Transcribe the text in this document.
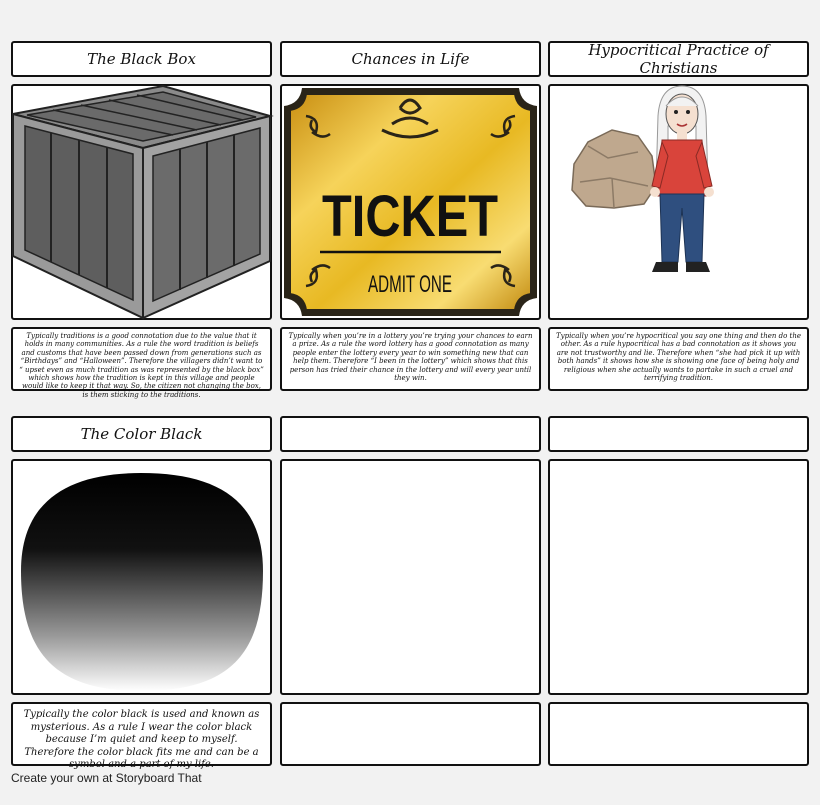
The Black Box	Chances in Life	Hypocritical Practice of Christians
TICKET
ADMIT ONE
Typically traditions is a good connotation due to the value that it holds in many communities. As a rule the word tradition is beliefs and customs that have been passed down from generations such as “Birthdays” and “Halloween”. Therefore the villagers didn’t want to “ upset even as much tradition as was represented by the black box” which shows how the tradition is kept in this village and people would like to keep it that way. So, the citizen not changing the box, is them sticking to the traditions.
Typically when you’re in a lottery you’re trying your chances to earn a prize. As a rule the word lottery has a good connotation as many people enter the lottery every year to win something new that can help them. Therefore “I been in the lottery” which shows that this person has tried their chance in the lottery and will every year until they win.
Typically when you’re hypocritical you say one thing and then do the other. As a rule hypocritical has a bad connotation as it shows you are not trustworthy and lie. Therefore when “she had pick it up with both hands” it shows how she is showing one face of being holy and religious when she actually wants to partake in such a cruel and terrifying tradition.
The Color Black
Typically the color black is used and known as mysterious. As a rule I wear the color black because I’m quiet and keep to myself. Therefore the color black fits me and can be a symbol and a part of my life.
Create your own at Storyboard That
